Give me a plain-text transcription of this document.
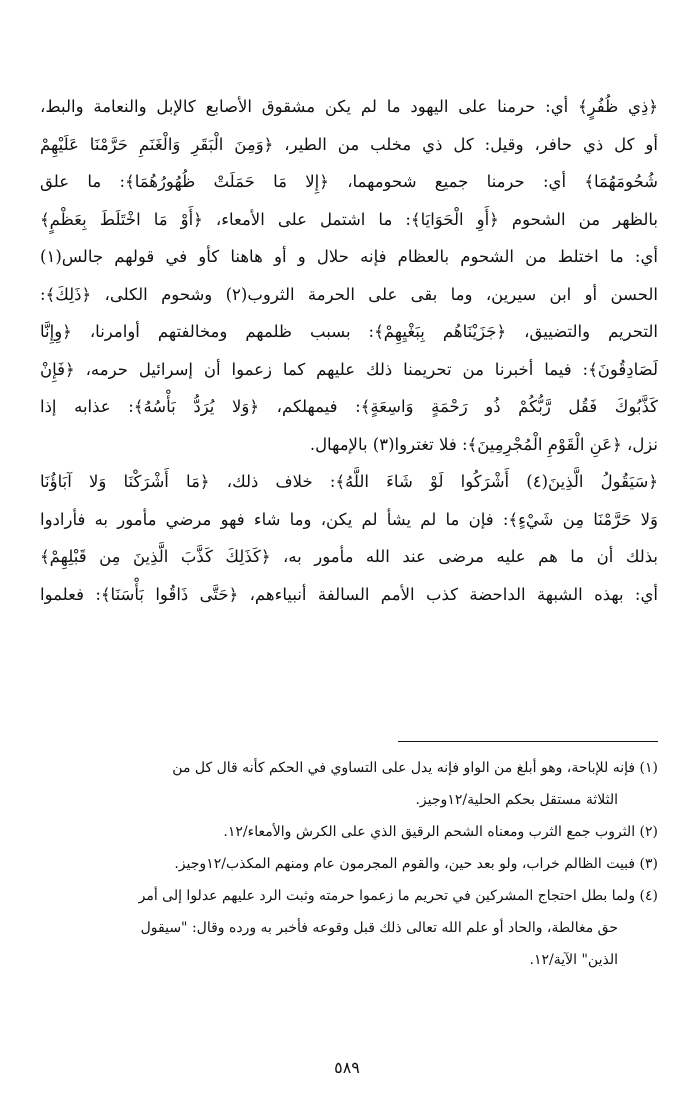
﴿ذِي ظُفُرٍ﴾ أي: حرمنا على اليهود ما لم يكن مشقوق الأصابع كالإبل والنعامة والبط،
أو كل ذي حافر، وقيل: كل ذي مخلب من الطير، ﴿وَمِنَ الْبَقَرِ وَالْغَنَمِ حَرَّمْنَا عَلَيْهِمْ
شُحُومَهُمَا﴾ أي: حرمنا جميع شحومهما، ﴿إِلا مَا حَمَلَتْ ظُهُورُهُمَا﴾: ما علق
بالظهر من الشحوم ﴿أَوِ الْحَوَايَا﴾: ما اشتمل على الأمعاء، ﴿أَوْ مَا اخْتَلَطَ بِعَظْمٍ﴾
أي: ما اختلط من الشحوم بالعظام فإنه حلال و أو هاهنا كأو في قولهم جالس(١)
الحسن أو ابن سيرين، وما بقى على الحرمة الثروب(٢) وشحوم الكلى، ﴿ذَلِكَ﴾:
التحريم والتضييق، ﴿جَزَيْنَاهُم بِبَغْيِهِمْ﴾: بسبب ظلمهم ومخالفتهم أوامرنا، ﴿وِإِنَّا
لَصَادِقُونَ﴾: فيما أخبرنا من تحريمنا ذلك عليهم كما زعموا أن إسرائيل حرمه، ﴿فَإِنْ
كَذَّبُوكَ فَقُل رَّبُّكُمْ ذُو رَحْمَةٍ وَاسِعَةٍ﴾: فيمهلكم، ﴿وَلا يُرَدُّ بَأْسُهُ﴾: عذابه إذا
نزل، ﴿عَنِ الْقَوْمِ الْمُجْرِمِينَ﴾: فلا تغتروا(٣) بالإمهال.
﴿سَيَقُولُ الَّذِينَ(٤) أَشْرَكُوا لَوْ شَاءَ اللَّهُ﴾: خلاف ذلك، ﴿مَا أَشْرَكْنَا وَلا آبَاؤُنَا
وَلا حَرَّمْنَا مِن شَيْءٍ﴾: فإن ما لم يشأ لم يكن، وما شاء فهو مرضي مأمور به فأرادوا
بذلك أن ما هم عليه مرضى عند الله مأمور به، ﴿كَذَلِكَ كَذَّبَ الَّذِينَ مِن قَبْلِهِمْ﴾
أي: بهذه الشبهة الداحضة كذب الأمم السالفة أنبياءهم، ﴿حَتَّى ذَاقُوا بَأْسَنَا﴾: فعلموا

(١) فإنه للإباحة، وهو أبلغ من الواو فإنه يدل على التساوي في الحكم كأنه قال كل من
الثلاثة مستقل بحكم الحلية/١٢وجيز.

(٢) الثروب جمع الثرب ومعناه الشحم الرقيق الذي على الكرش والأمعاء/١٢.

(٣) فبيت الظالم خراب، ولو بعد حين، والقوم المجرمون عام ومنهم المكذب/١٢وجيز.

(٤) ولما بطل احتجاج المشركين في تحريم ما زعموا حرمته وثبت الرد عليهم عدلوا إلى أمر
حق مغالطة، والحاد أو علم الله تعالى ذلك قبل وقوعه فأخبر به ورده وقال: "سيقول
الذين" الآية/١٢.

٥٨٩
